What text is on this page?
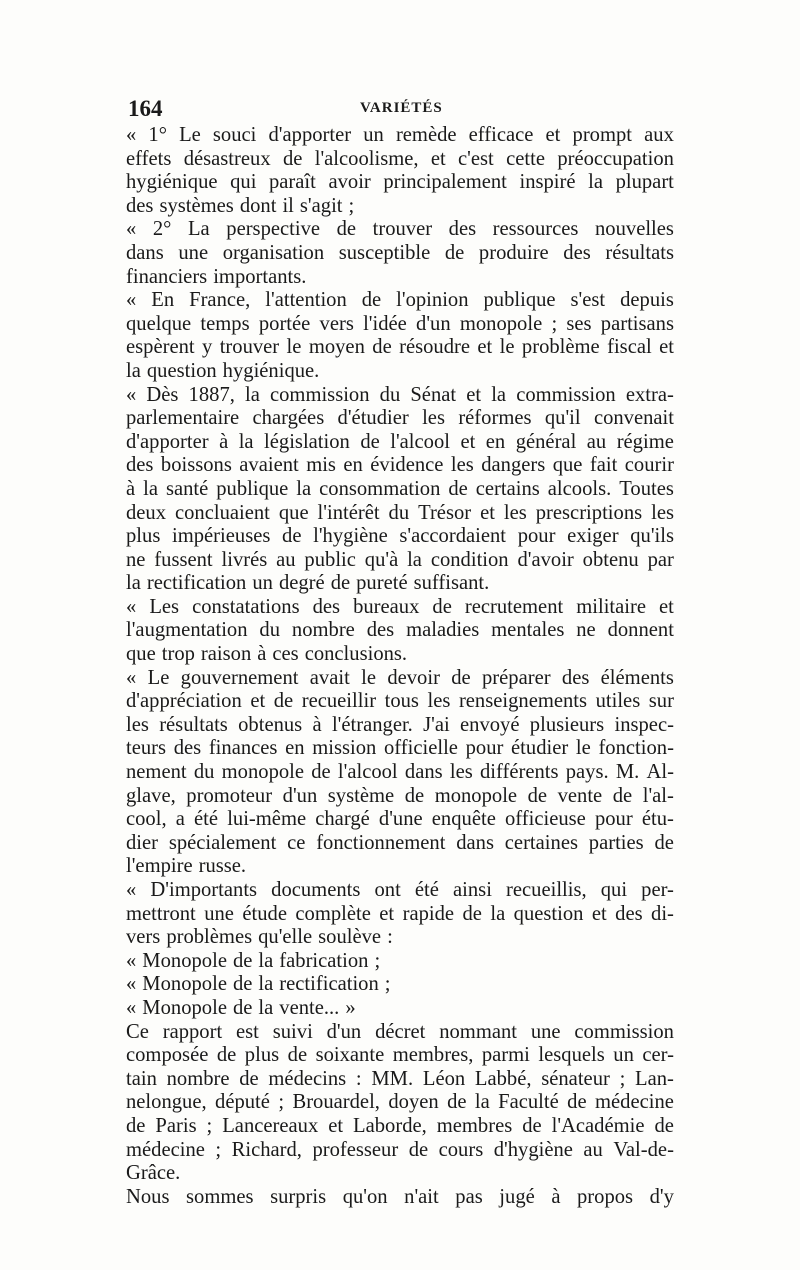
164	VARIÉTÉS
« 1° Le souci d'apporter un remède efficace et prompt aux
effets désastreux de l'alcoolisme, et c'est cette préoccupation
hygiénique qui paraît avoir principalement inspiré la plupart
des systèmes dont il s'agit ;
« 2° La perspective de trouver des ressources nouvelles
dans une organisation susceptible de produire des résultats
financiers importants.
« En France, l'attention de l'opinion publique s'est depuis
quelque temps portée vers l'idée d'un monopole ; ses partisans
espèrent y trouver le moyen de résoudre et le problème fiscal et
la question hygiénique.
« Dès 1887, la commission du Sénat et la commission extra-
parlementaire chargées d'étudier les réformes qu'il convenait
d'apporter à la législation de l'alcool et en général au régime
des boissons avaient mis en évidence les dangers que fait courir
à la santé publique la consommation de certains alcools. Toutes
deux concluaient que l'intérêt du Trésor et les prescriptions les
plus impérieuses de l'hygiène s'accordaient pour exiger qu'ils
ne fussent livrés au public qu'à la condition d'avoir obtenu par
la rectification un degré de pureté suffisant.
« Les constatations des bureaux de recrutement militaire et
l'augmentation du nombre des maladies mentales ne donnent
que trop raison à ces conclusions.
« Le gouvernement avait le devoir de préparer des éléments
d'appréciation et de recueillir tous les renseignements utiles sur
les résultats obtenus à l'étranger. J'ai envoyé plusieurs inspec-
teurs des finances en mission officielle pour étudier le fonction-
nement du monopole de l'alcool dans les différents pays. M. Al-
glave, promoteur d'un système de monopole de vente de l'al-
cool, a été lui-même chargé d'une enquête officieuse pour étu-
dier spécialement ce fonctionnement dans certaines parties de
l'empire russe.
« D'importants documents ont été ainsi recueillis, qui per-
mettront une étude complète et rapide de la question et des di-
vers problèmes qu'elle soulève :
« Monopole de la fabrication ;
« Monopole de la rectification ;
« Monopole de la vente... »
Ce rapport est suivi d'un décret nommant une commission
composée de plus de soixante membres, parmi lesquels un cer-
tain nombre de médecins : MM. Léon Labbé, sénateur ; Lan-
nelongue, député ; Brouardel, doyen de la Faculté de médecine
de Paris ; Lancereaux et Laborde, membres de l'Académie de
médecine ; Richard, professeur de cours d'hygiène au Val-de-
Grâce.
Nous sommes surpris qu'on n'ait pas jugé à propos d'y
